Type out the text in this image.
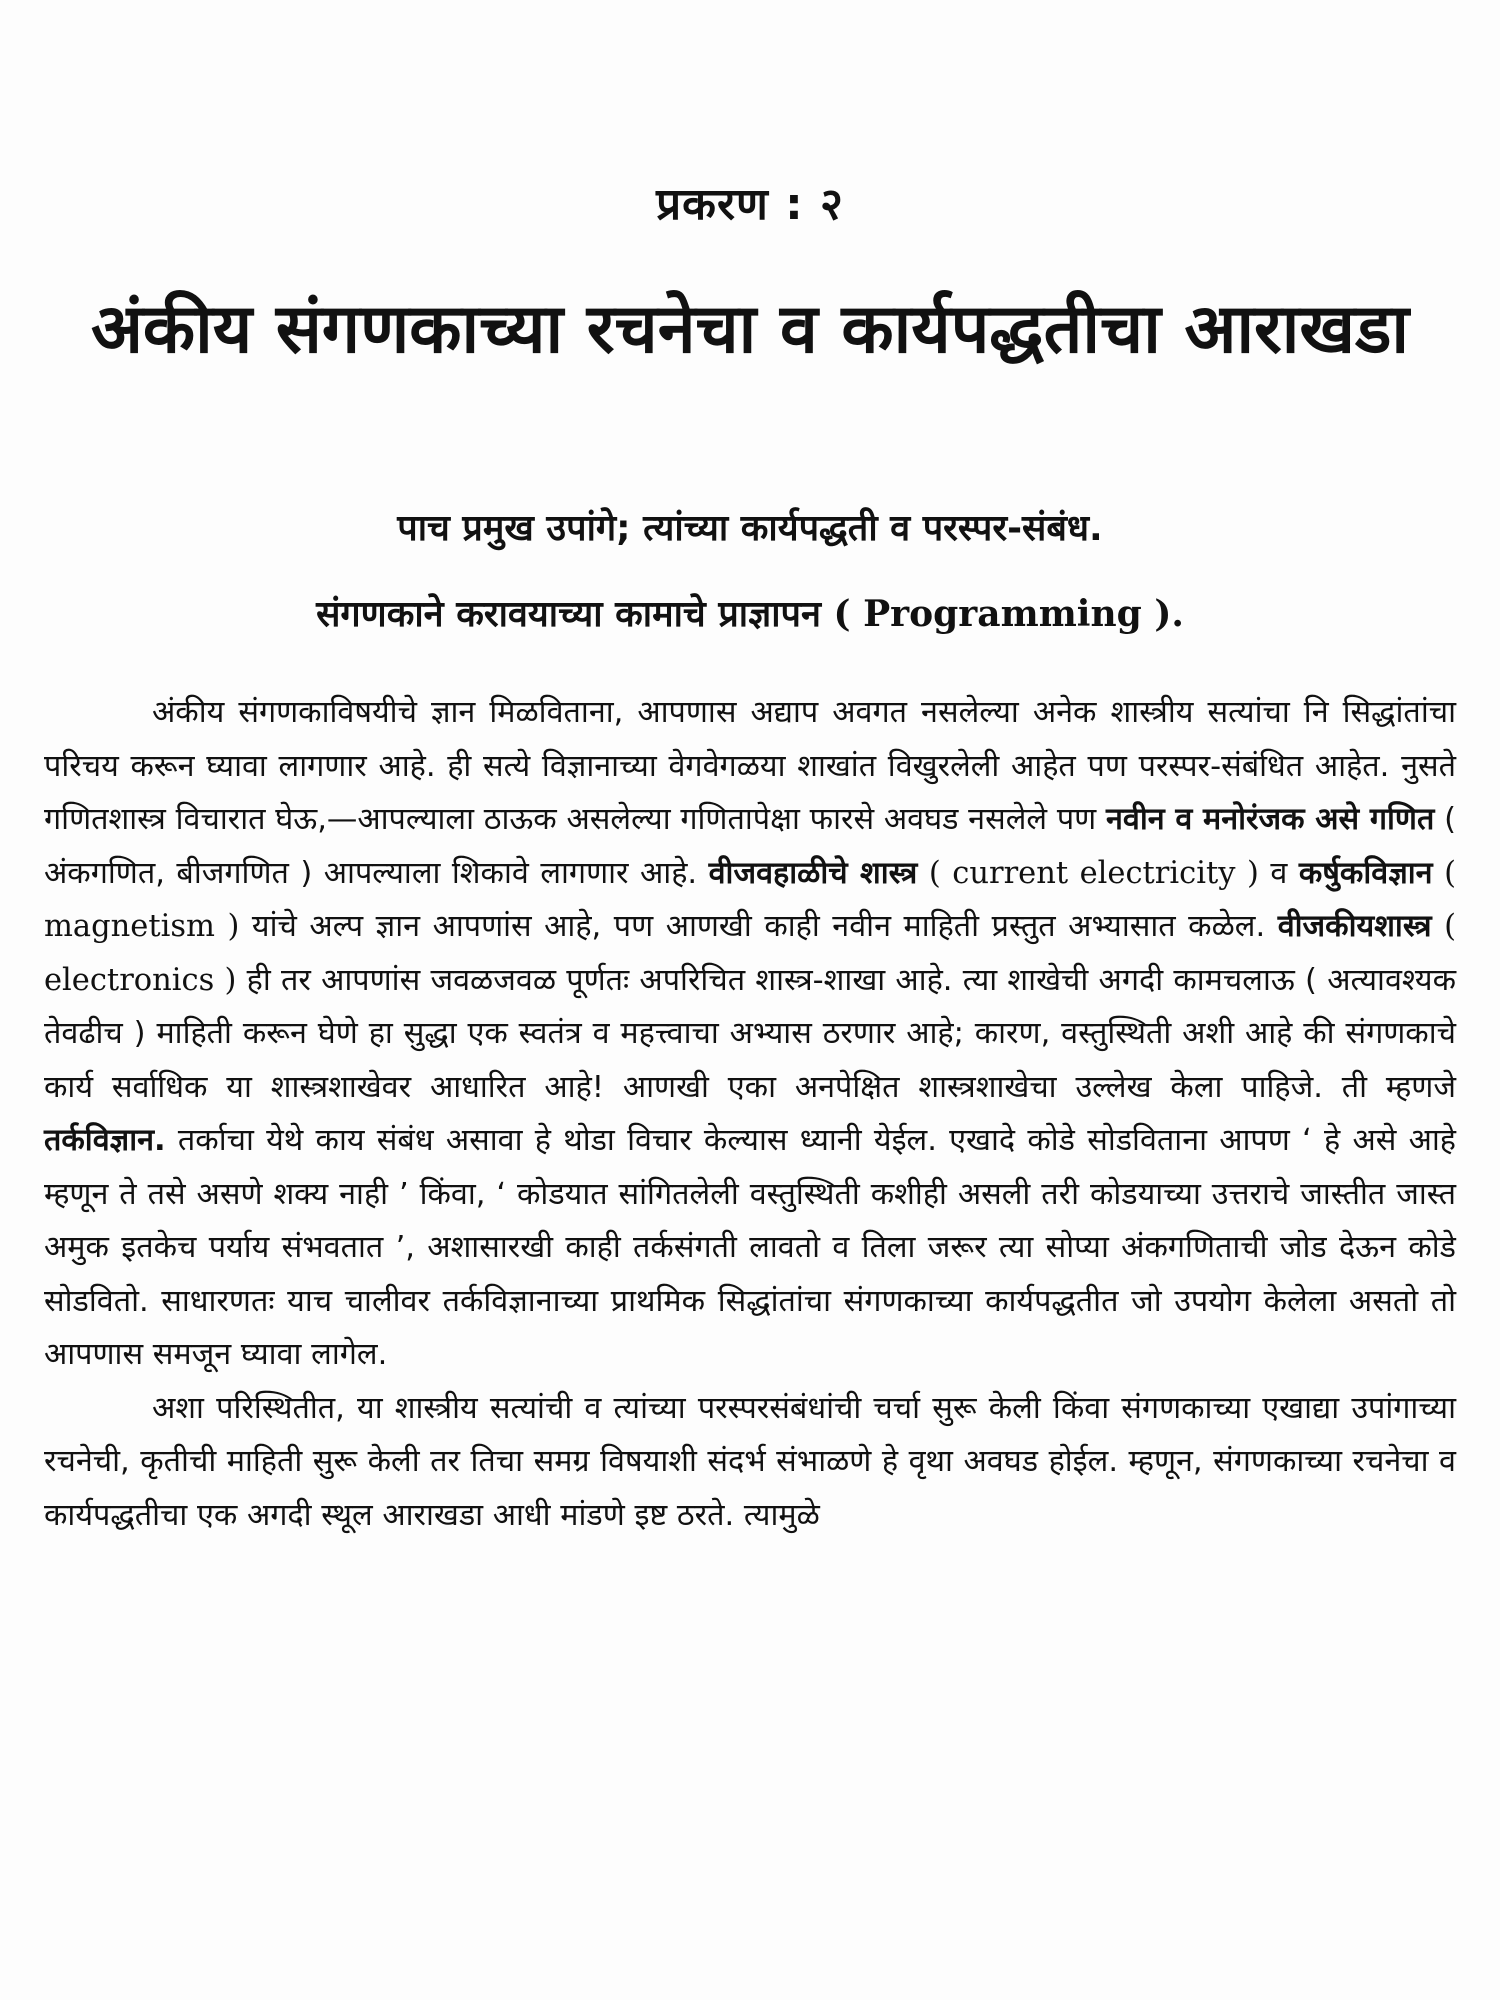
प्रकरण : २
अंकीय संगणकाच्या रचनेचा व कार्यपद्धतीचा आराखडा
पाच प्रमुख उपांगे; त्यांच्या कार्यपद्धती व परस्पर-संबंध.
संगणकाने करावयाच्या कामाचे प्राज्ञापन ( Programming ).

अंकीय संगणकाविषयीचे ज्ञान मिळविताना, आपणास अद्याप अवगत नसलेल्या अनेक शास्त्रीय सत्यांचा नि सिद्धांतांचा परिचय करून घ्यावा लागणार आहे. ही सत्ये विज्ञानाच्या वेगवेगळया शाखांत विखुरलेली आहेत पण परस्पर-संबंधित आहेत. नुसते गणितशास्त्र विचारात घेऊ,—आपल्याला ठाऊक असलेल्या गणितापेक्षा फारसे अवघड नसलेले पण नवीन व मनोरंजक असे गणित ( अंकगणित, बीजगणित ) आपल्याला शिकावे लागणार आहे. वीजवहाळीचे शास्त्र ( current electricity ) व कर्षुकविज्ञान ( magnetism ) यांचे अल्प ज्ञान आपणांस आहे, पण आणखी काही नवीन माहिती प्रस्तुत अभ्यासात कळेल. वीजकीयशास्त्र ( electronics ) ही तर आपणांस जवळजवळ पूर्णतः अपरिचित शास्त्र-शाखा आहे. त्या शाखेची अगदी कामचलाऊ ( अत्यावश्यक तेवढीच ) माहिती करून घेणे हा सुद्धा एक स्वतंत्र व महत्त्वाचा अभ्यास ठरणार आहे; कारण, वस्तुस्थिती अशी आहे की संगणकाचे कार्य सर्वाधिक या शास्त्रशाखेवर आधारित आहे! आणखी एका अनपेक्षित शास्त्रशाखेचा उल्लेख केला पाहिजे. ती म्हणजे तर्कविज्ञान. तर्काचा येथे काय संबंध असावा हे थोडा विचार केल्यास ध्यानी येईल. एखादे कोडे सोडविताना आपण ‘ हे असे आहे म्हणून ते तसे असणे शक्य नाही ’ किंवा, ‘ कोडयात सांगितलेली वस्तुस्थिती कशीही असली तरी कोडयाच्या उत्तराचे जास्तीत जास्त अमुक इतकेच पर्याय संभवतात ’, अशासारखी काही तर्कसंगती लावतो व तिला जरूर त्या सोप्या अंकगणिताची जोड देऊन कोडे सोडवितो. साधारणतः याच चालीवर तर्कविज्ञानाच्या प्राथमिक सिद्धांतांचा संगणकाच्या कार्यपद्धतीत जो उपयोग केलेला असतो तो आपणास समजून घ्यावा लागेल.

अशा परिस्थितीत, या शास्त्रीय सत्यांची व त्यांच्या परस्परसंबंधांची चर्चा सुरू केली किंवा संगणकाच्या एखाद्या उपांगाच्या रचनेची, कृतीची माहिती सुरू केली तर तिचा समग्र विषयाशी संदर्भ संभाळणे हे वृथा अवघड होईल. म्हणून, संगणकाच्या रचनेचा व कार्यपद्धतीचा एक अगदी स्थूल आराखडा आधी मांडणे इष्ट ठरते. त्यामुळे
